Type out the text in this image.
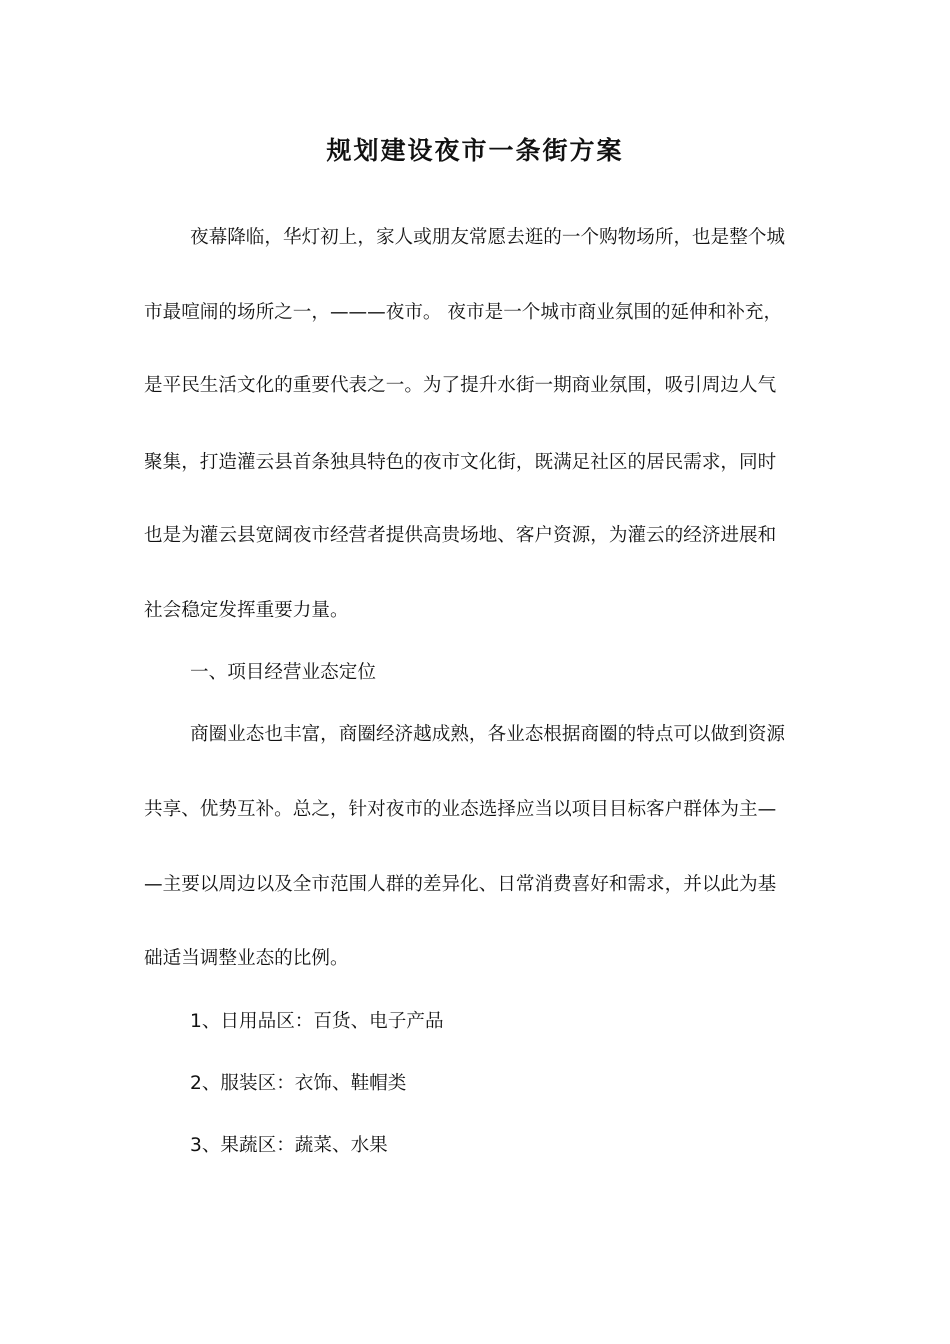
规划建设夜市一条街方案

夜幕降临，华灯初上，家人或朋友常愿去逛的一个购物场所，也是整个城

市最喧闹的场所之一，———夜市。 夜市是一个城市商业氛围的延伸和补充，

是平民生活文化的重要代表之一。为了提升水街一期商业氛围，吸引周边人气

聚集，打造灌云县首条独具特色的夜市文化街，既满足社区的居民需求，同时

也是为灌云县宽阔夜市经营者提供高贵场地、客户资源，为灌云的经济进展和

社会稳定发挥重要力量。

一、项目经营业态定位

商圈业态也丰富，商圈经济越成熟，各业态根据商圈的特点可以做到资源

共享、优势互补。总之，针对夜市的业态选择应当以项目目标客户群体为主—

—主要以周边以及全市范围人群的差异化、日常消费喜好和需求，并以此为基

础适当调整业态的比例。

1、日用品区：百货、电子产品

2、服装区：衣饰、鞋帽类

3、果蔬区：蔬菜、水果
